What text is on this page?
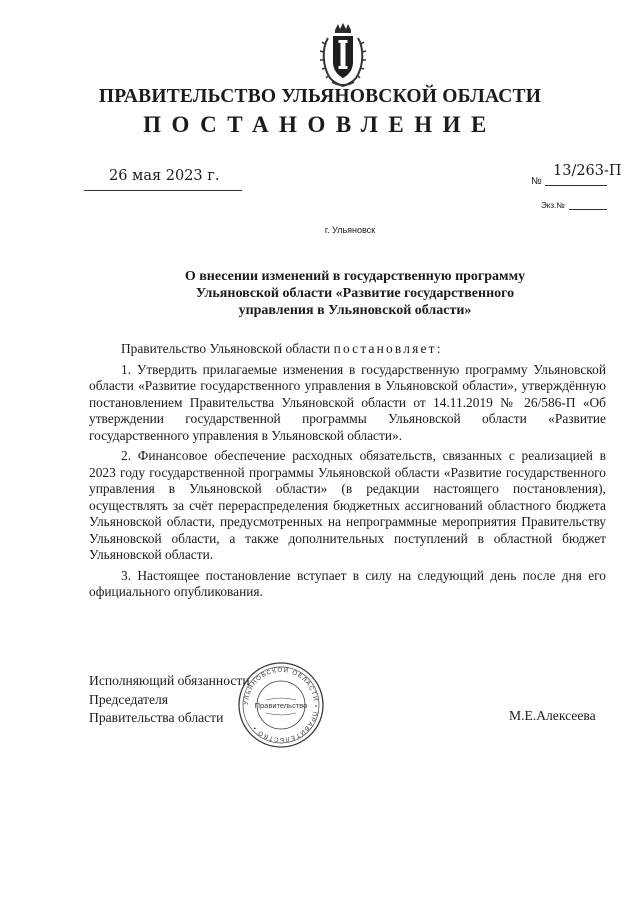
ПРАВИТЕЛЬСТВО УЛЬЯНОВСКОЙ ОБЛАСТИ
ПОСТАНОВЛЕНИЕ
26 мая 2023 г.	№
13/263-П
Экз.№
г. Ульяновск
О внесении изменений в государственную программу
Ульяновской области «Развитие государственного
управления в Ульяновской области»

Правительство Ульяновской области постановляет:

1. Утвердить прилагаемые изменения в государственную программу Ульяновской области «Развитие государственного управления в Ульяновской области», утверждённую постановлением Правительства Ульяновской области от 14.11.2019 № 26/586-П «Об утверждении государственной программы Ульяновской области «Развитие государственного управления в Ульяновской области».

2. Финансовое обеспечение расходных обязательств, связанных с реализацией в 2023 году государственной программы Ульяновской области «Развитие государственного управления в Ульяновской области» (в редакции настоящего постановления), осуществлять за счёт перераспределения бюджетных ассигнований областного бюджета Ульяновской области, предусмотренных на непрограммные мероприятия Правительству Ульяновской области, а также дополнительных поступлений в областной бюджет Ульяновской области.

3. Настоящее постановление вступает в силу на следующий день после дня его официального опубликования.

Исполняющий обязанности
Председателя
Правительства области	М.Е.Алексеева
УЛЬЯНОВСКОЙ ОБЛАСТИ • ПРАВИТЕЛЬСТВО •
Правительство
